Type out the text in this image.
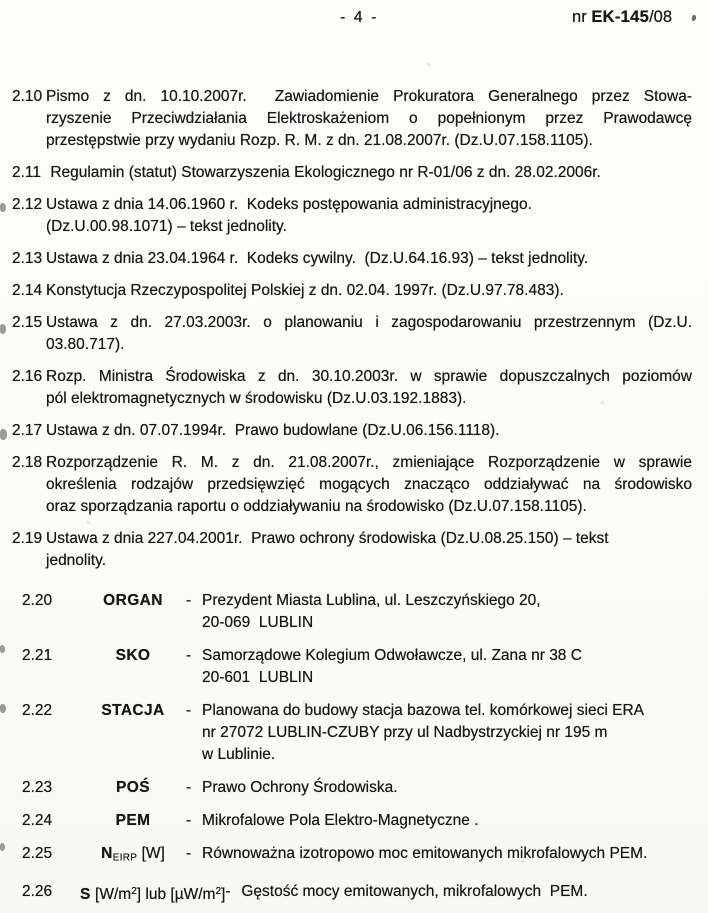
- 4 -	nr EK-145/08
2.10 Pismo z dn. 10.10.2007r.  Zawiadomienie Prokuratora Generalnego przez Stowa-
rzyszenie Przeciwdziałania Elektroskażeniom o popełnionym przez Prawodawcę
przestępstwie przy wydaniu Rozp. R. M. z dn. 21.08.2007r. (Dz.U.07.158.1105).
2.11 Regulamin (statut) Stowarzyszenia Ekologicznego nr R-01/06 z dn. 28.02.2006r.
2.12 Ustawa z dnia 14.06.1960 r.  Kodeks postępowania administracyjnego.
(Dz.U.00.98.1071) – tekst jednolity.
2.13 Ustawa z dnia 23.04.1964 r.  Kodeks cywilny.  (Dz.U.64.16.93) – tekst jednolity.
2.14 Konstytucja Rzeczypospolitej Polskiej z dn. 02.04. 1997r. (Dz.U.97.78.483).
2.15 Ustawa z dn. 27.03.2003r. o planowaniu i zagospodarowaniu przestrzennym (Dz.U.
03.80.717).
2.16 Rozp. Ministra Środowiska z dn. 30.10.2003r. w sprawie dopuszczalnych poziomów
pól elektromagnetycznych w środowisku (Dz.U.03.192.1883).
2.17 Ustawa z dn. 07.07.1994r.  Prawo budowlane (Dz.U.06.156.1118).
2.18 Rozporządzenie R. M. z dn. 21.08.2007r., zmieniające Rozporządzenie w sprawie
określenia rodzajów przedsięwzięć mogących znacząco oddziaływać na środowisko
oraz sporządzania raportu o oddziaływaniu na środowisko (Dz.U.07.158.1105).
2.19 Ustawa z dnia 227.04.2001r.  Prawo ochrony środowiska (Dz.U.08.25.150) – tekst
jednolity.
2.20	ORGAN	- Prezydent Miasta Lublina, ul. Leszczyńskiego 20,
20-069  LUBLIN
2.21	SKO	- Samorządowe Kolegium Odwoławcze, ul. Zana nr 38 C
20-601  LUBLIN
2.22	STACJA	- Planowana do budowy stacja bazowa tel. komórkowej sieci ERA
nr 27072 LUBLIN-CZUBY przy ul Nadbystrzyckiej nr 195 m
w Lublinie.
2.23	POŚ	- Prawo Ochrony Środowiska.
2.24	PEM	- Mikrofalowe Pola Elektro-Magnetyczne .
2.25	NEIRP [W]	- Równoważna izotropowo moc emitowanych mikrofalowych PEM.
2.26	S $[W/m^2]$ lub $[\mu W/m^2]$ - Gęstość mocy emitowanych, mikrofalowych  PEM.
